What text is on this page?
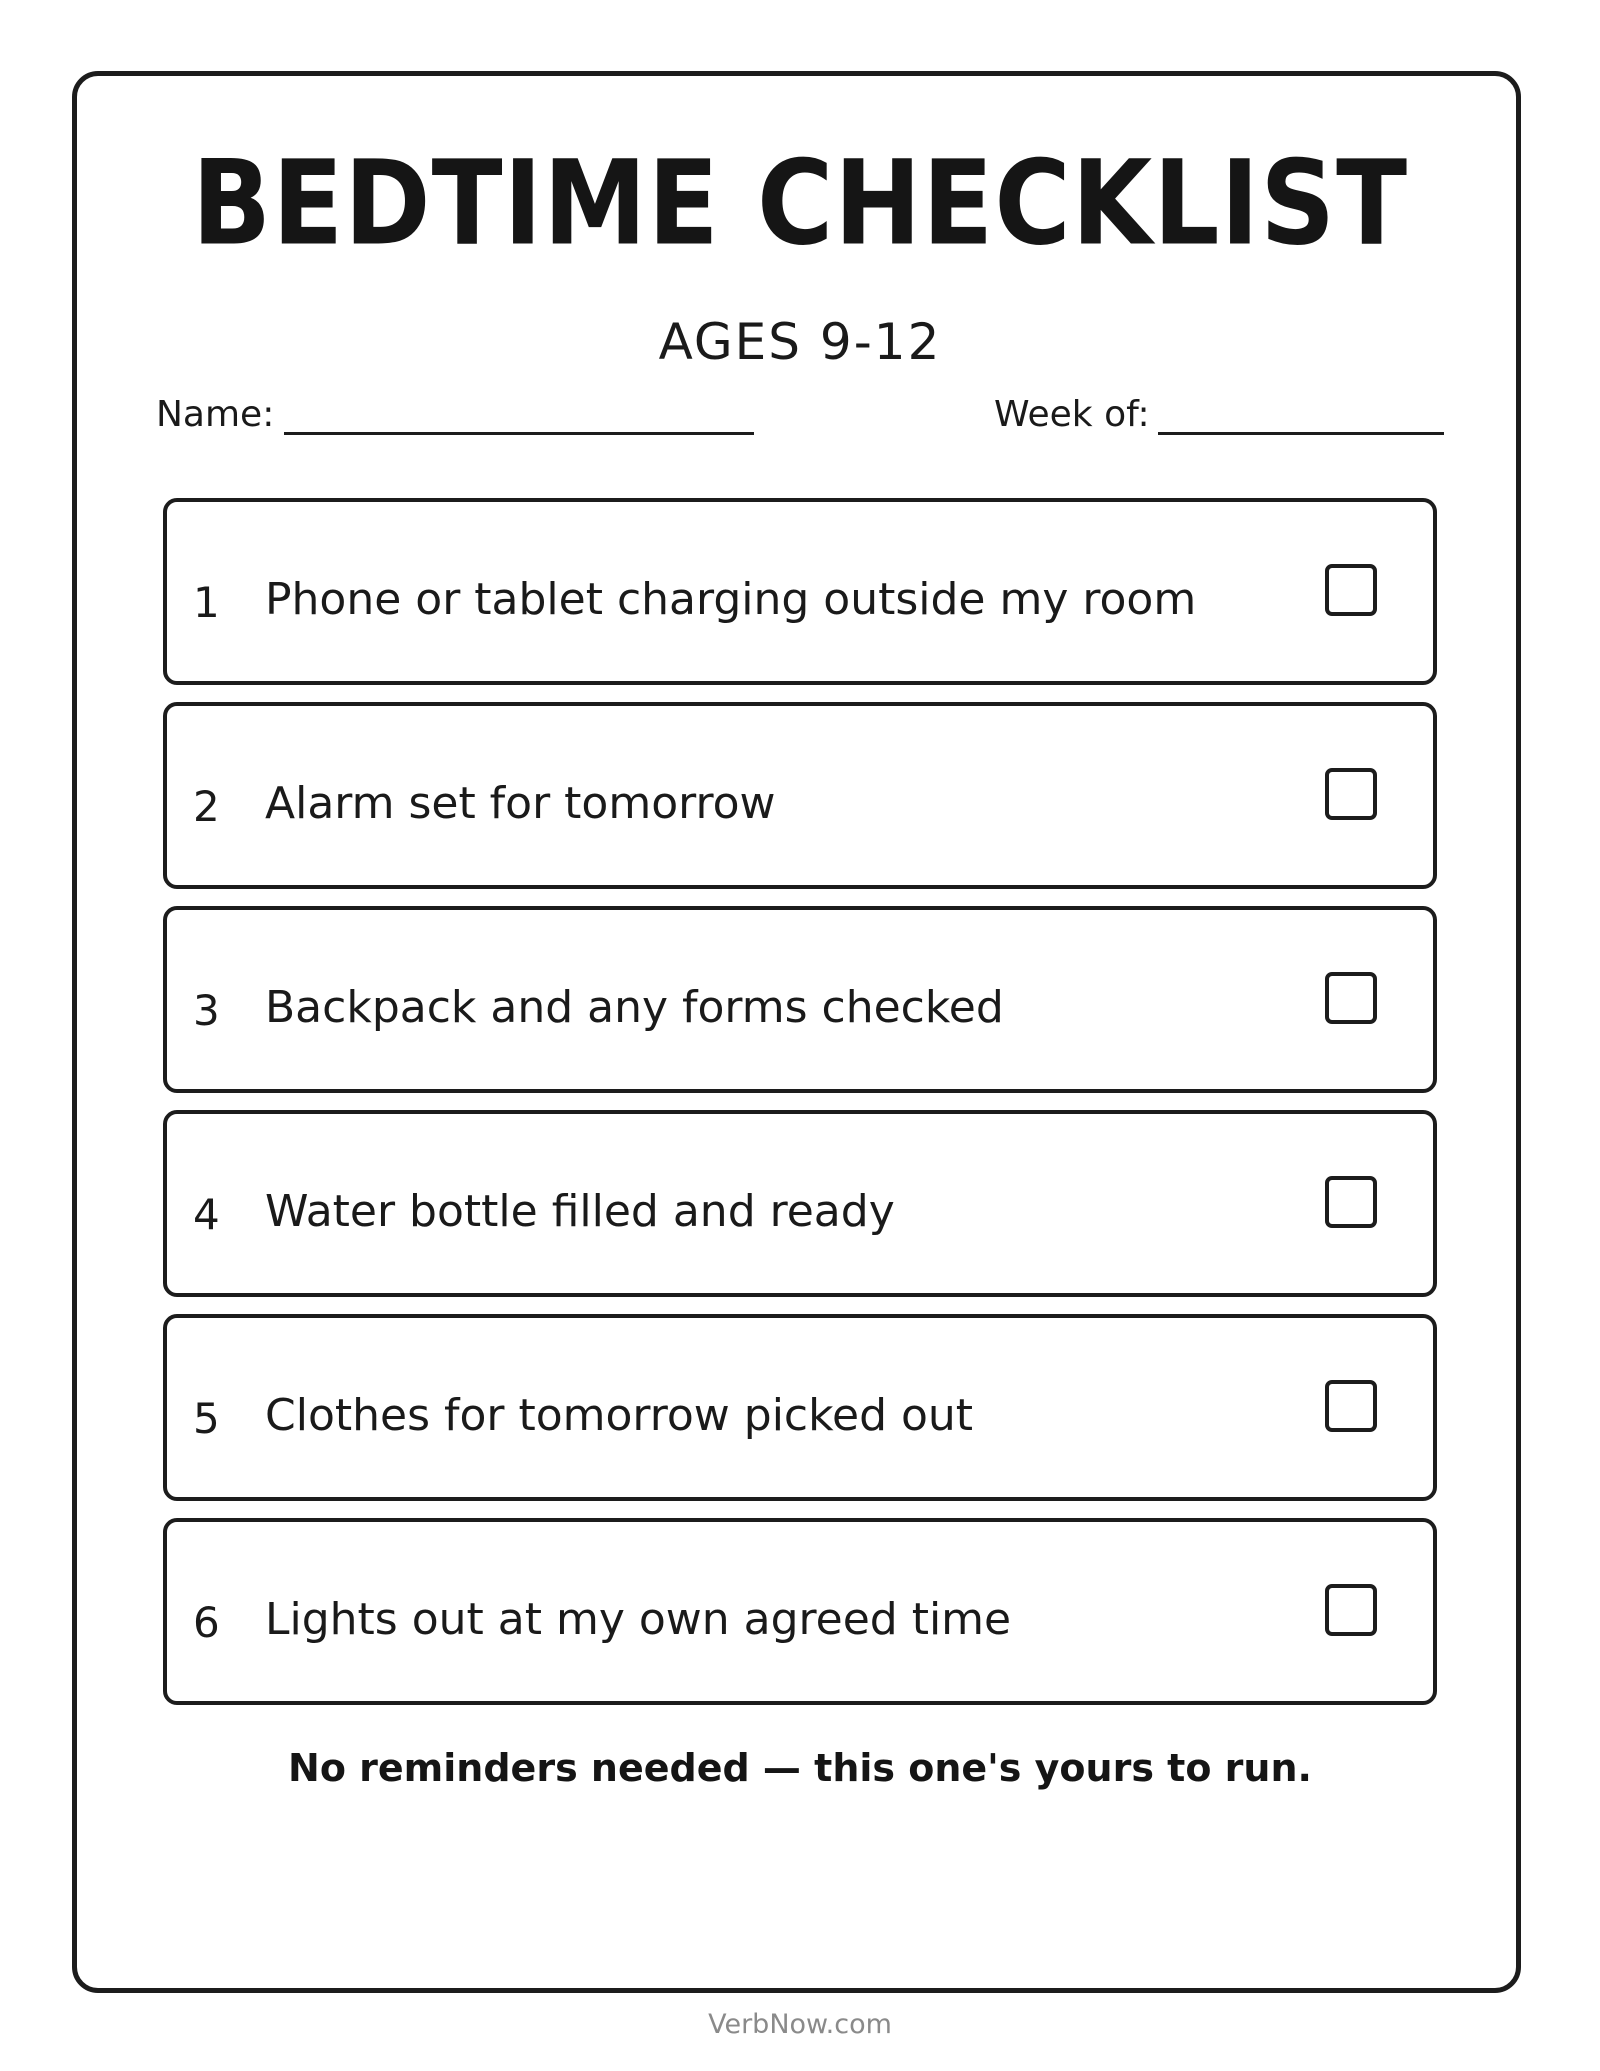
BEDTIME CHECKLIST
AGES 9-12
Name:	Week of:
1 Phone or tablet charging outside my room
2 Alarm set for tomorrow
3 Backpack and any forms checked
4 Water bottle filled and ready
5 Clothes for tomorrow picked out
6 Lights out at my own agreed time
No reminders needed — this one's yours to run.
VerbNow.com
